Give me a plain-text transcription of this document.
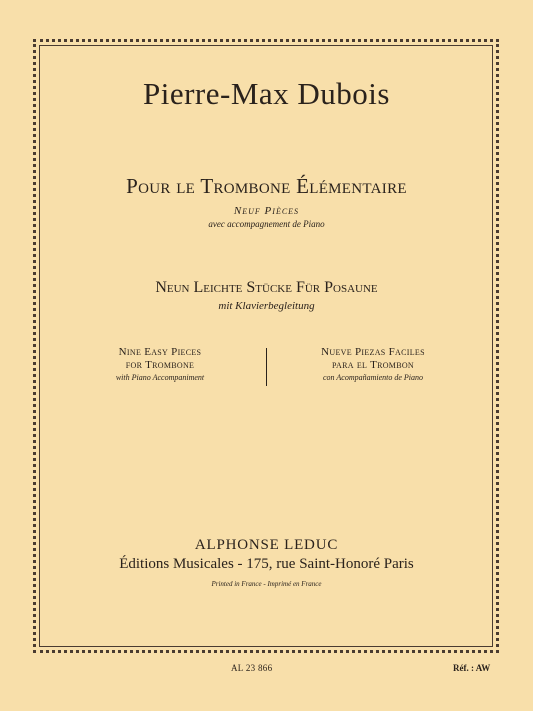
Pierre-Max Dubois
Pour le Trombone Élémentaire
Neuf Pièces
avec accompagnement de Piano
Neun Leichte Stücke Für Posaune
mit Klavierbegleitung
Nine Easy Pieces
for Trombone
with Piano Accompaniment
Nueve Piezas Faciles
para el Trombon
con Acompañamiento de Piano
ALPHONSE LEDUC
Éditions Musicales - 175, rue Saint-Honoré Paris
Printed in France - Imprimé en France
AL 23 866	Réf. : AW
